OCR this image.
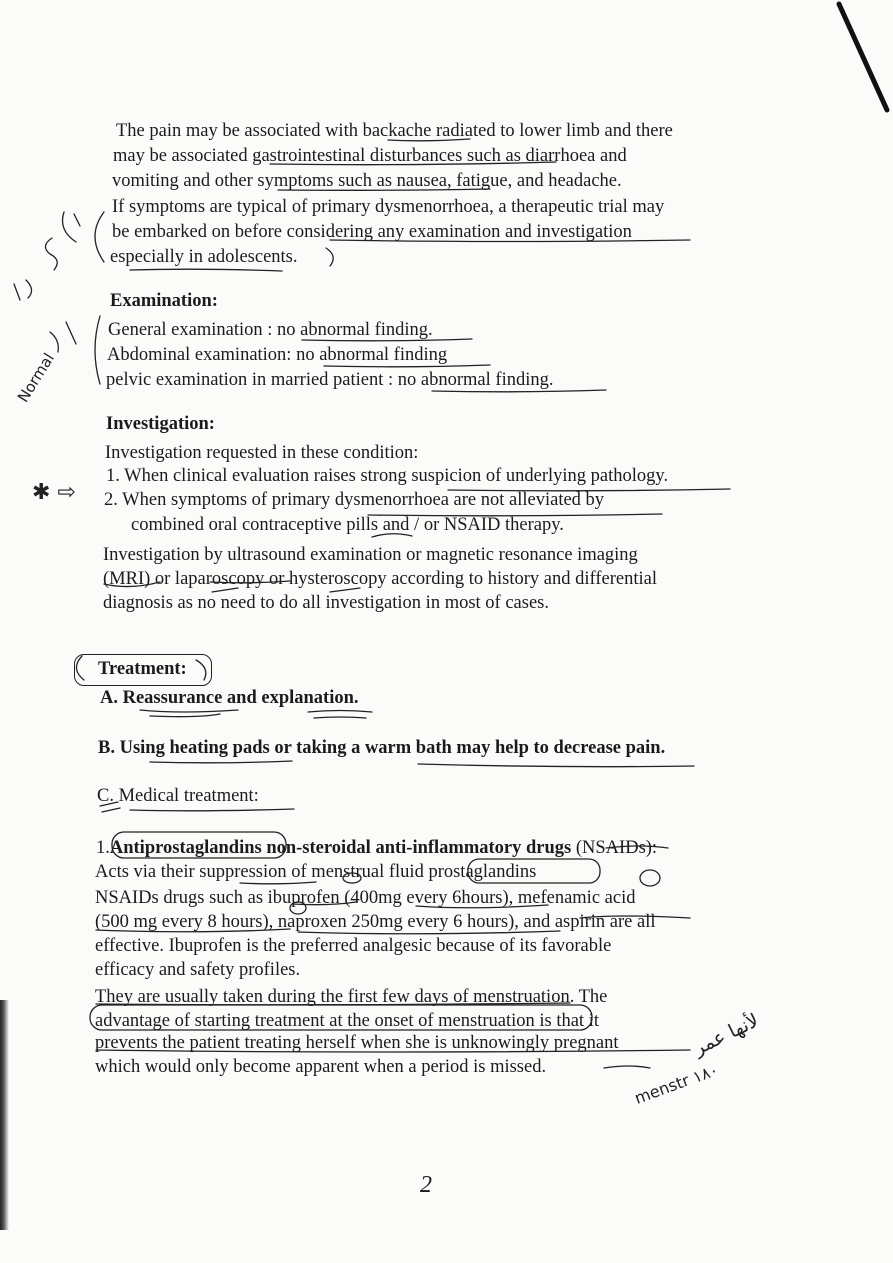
The pain may be associated with backache radiated to lower limb and there
may be associated gastrointestinal disturbances such as diarrhoea and
vomiting and other symptoms such as nausea, fatigue, and headache.
If symptoms are typical of primary dysmenorrhoea, a therapeutic trial may
be embarked on before considering any examination and investigation
especially in adolescents.
Examination:
General examination : no abnormal finding.
Abdominal examination: no abnormal finding
pelvic examination in married patient : no abnormal finding.
Investigation:
Investigation requested in these condition:
1. When clinical evaluation raises strong suspicion of underlying pathology.
2. When symptoms of primary dysmenorrhoea are not alleviated by
combined oral contraceptive pills and / or NSAID therapy.
Investigation by ultrasound examination or magnetic resonance imaging
(MRI) or laparoscopy or hysteroscopy according to history and differential
diagnosis as no need to do all investigation in most of cases.
Treatment:
A. Reassurance and explanation.
B. Using heating pads or taking a warm bath may help to decrease pain.
C. Medical treatment:
1.Antiprostaglandins non-steroidal anti-inflammatory drugs (NSAIDs):
Acts via their suppression of menstrual fluid prostaglandins
NSAIDs drugs such as ibuprofen (400mg every 6hours), mefenamic acid
(500 mg every 8 hours), naproxen 250mg every 6 hours), and aspirin are all
effective. Ibuprofen is the preferred analgesic because of its favorable
efficacy and safety profiles.
They are usually taken during the first few days of menstruation. The
advantage of starting treatment at the onset of menstruation is that it
prevents the patient treating herself when she is unknowingly pregnant
which would only become apparent when a period is missed.
Normal
✱ ⇨
لأنها عمر
menstr ١٨٠
2
